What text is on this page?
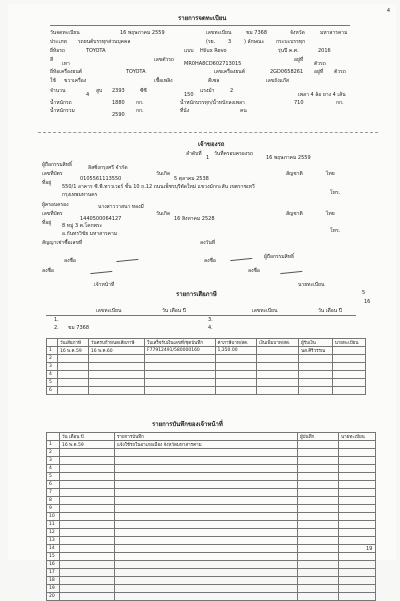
4
รายการจดทะเบียน
วันจดทะเบียน	16 พฤษภาคม 2559	เลขทะเบียน	ขม 7368	จังหวัด	มหาสารคาม
ประเภท รถยนต์บรรทุกส่วนบุคคล	(รย.	3	) ลักษณะ กระบะบรรทุก
ยี่ห้อรถ	TOYOTA	แบบ Hilux Revo	รุ่นปี ค.ศ.	2016
สี
เทา
เลขตัวรถ
MR0HA8CD602713015
อยู่ที่
ตัวรถ
ยี่ห้อเครื่องยนต์	TOYOTA	เลขเครื่องยนต์	2GD0658261 อยู่ที่ ตัวรถ
ใช้ ขวาเครื่อง	เชื้อเพลิง	ดีเซล	เลขถังแก๊ส
จำนวน
4
สูบ 2393	ซีซี
150
แรงม้า	2
เพลา 4 ล้อ ยาง 4 เส้น
น้ำหนักรถ	1880 กก.	น้ำหนักบรรทุก/น้ำหนักลงเพลา	710	กก.
น้ำหนักรวม
2590
กก.	ที่นั่ง	คน
เจ้าของรถ
ลำดับที่
1
วันที่ครอบครองรถ
16 พฤษภาคม 2559
ผู้ถือกรรมสิทธิ์	ลิสซิ่งกรุงศรี จำกัด
เลขที่บัตร
0105561113550
วันเกิด
5 ตุลาคม 2538
สัญชาติ	ไทย
ที่อยู่
550/1 อาคาร ซี.พี.ทาวเวอร์ ชั้น 10 ถ.12 ถนนเพ็ชรบุรีตัดใหม่ แขวงมักกะสัน เขตราชเทวี
กรุงเทพมหานคร	โทร.
ผู้ครอบครอง	นางสาววาสนา ทองมี
เลขที่บัตร
1440500064127
วันเกิด
16 สิงหาคม 2528
สัญชาติ	ไทย
ที่อยู่ 8 หมู่ 3 ต.โคกพระ
อ.กันทรวิชัย มหาสารคาม	โทร.
สัญญาเช่าซื้อเลขที่	ลงวันที่
ลงชื่อ	ลงชื่อ
ผู้ถือกรรมสิทธิ์
ลงชื่อ	ลงชื่อ
เจ้าหน้าที่	นายทะเบียน
5
รายการเสียภาษี
16
เลขทะเบียน	วัน เดือน ปี	เลขทะเบียน	วัน เดือน ปี
1.
2. ขม 7368
3.
4.
	วันเสียภาษี	วันครบกำหนดเสียภาษี	ใบเสร็จรับเงินเลขที่/ชุดบันทึก	ค่าภาษีบาท/สต.	เงินเพิ่มบาท/สต.	ผู้รับเงิน	นายทะเบียน
1	16 พ.ค.59	16 พ.ค.60	F77912491/580000160	1,350.00		นส.ศิริวรรณ	
2							
3							
4							
5							
6							
รายการบันทึกของเจ้าหน้าที่
	วัน เดือน ปี	รายการบันทึก	ผู้บันทึก	นายทะเบียน
1	16 พ.ค.59	แจ้งใช้รถในอาเภอเมือง จังหวัดมหาสารคาม		
2				
3				
4				
5				
6				
7				
8				
9				
10				
11				
12				
13				
14				
15				
16				
17				
18				
19				
20				
19
